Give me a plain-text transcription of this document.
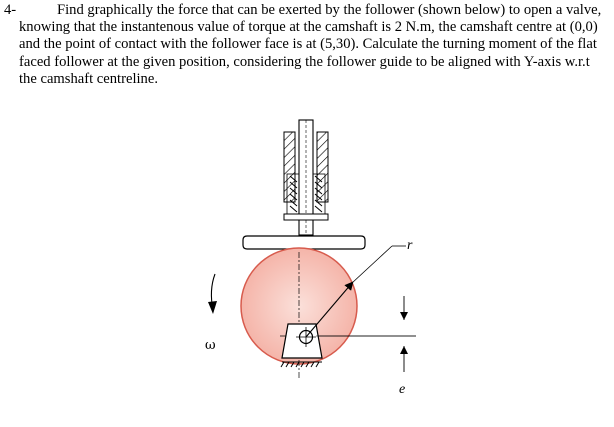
4-	Find graphically the force that can be exerted by the follower (shown below) to open a valve, knowing that the instantenous value of torque at the camshaft is 2 N.m, the camshaft centre at (0,0) and the point of contact with the follower face is at (5,30). Calculate the turning moment of the flat faced follower at the given position, considering the follower guide to be aligned with Y-axis w.r.t the camshaft centreline.
r
e
ω
